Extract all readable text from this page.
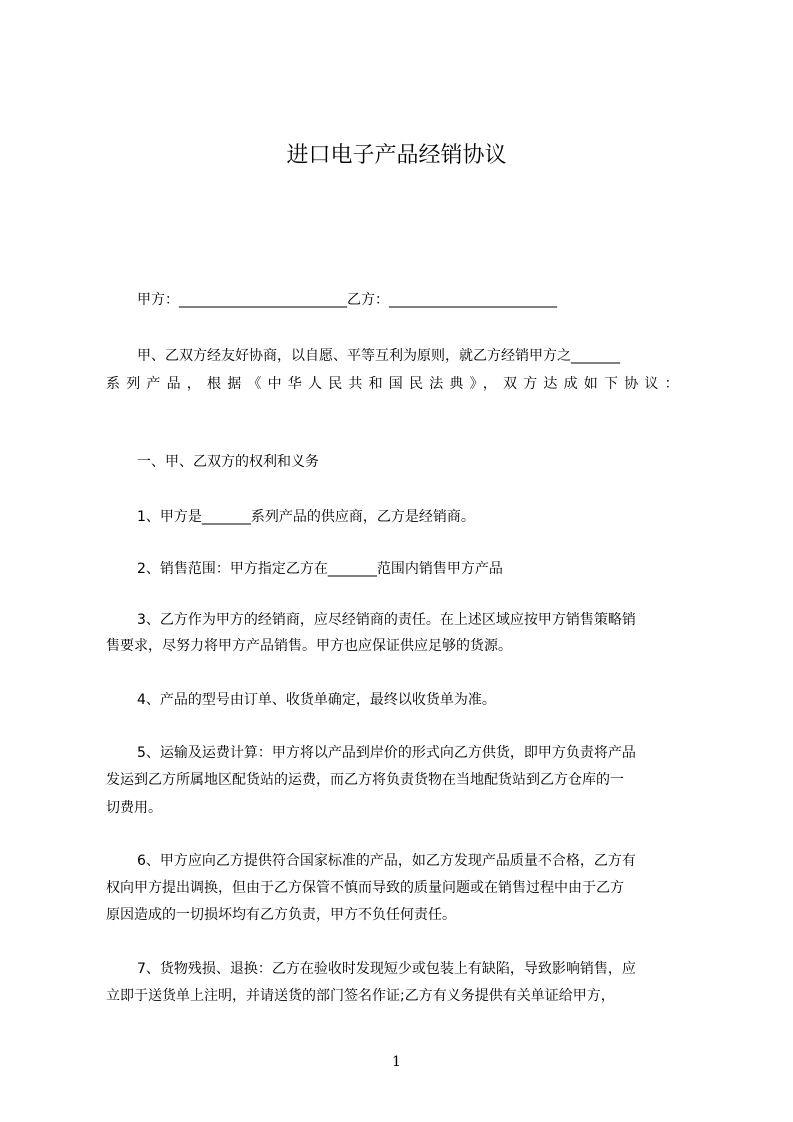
进口电子产品经销协议
甲方：________________________乙方：________________________
甲、乙双方经友好协商，以自愿、平等互利为原则，就乙方经销甲方之_______
系列产品，根据《中华人民共和国民法典》，双方达成如下协议：
一、甲、乙双方的权利和义务
1、甲方是_______系列产品的供应商，乙方是经销商。
2、销售范围：甲方指定乙方在_______范围内销售甲方产品
3、乙方作为甲方的经销商，应尽经销商的责任。在上述区域应按甲方销售策略销
售要求，尽努力将甲方产品销售。甲方也应保证供应足够的货源。
4、产品的型号由订单、收货单确定，最终以收货单为准。
5、运输及运费计算：甲方将以产品到岸价的形式向乙方供货，即甲方负责将产品
发运到乙方所属地区配货站的运费，而乙方将负责货物在当地配货站到乙方仓库的一
切费用。
6、甲方应向乙方提供符合国家标准的产品，如乙方发现产品质量不合格，乙方有
权向甲方提出调换，但由于乙方保管不慎而导致的质量问题或在销售过程中由于乙方
原因造成的一切损坏均有乙方负责，甲方不负任何责任。
7、货物残损、退换：乙方在验收时发现短少或包装上有缺陷，导致影响销售，应
立即于送货单上注明，并请送货的部门签名作证;乙方有义务提供有关单证给甲方，
1
